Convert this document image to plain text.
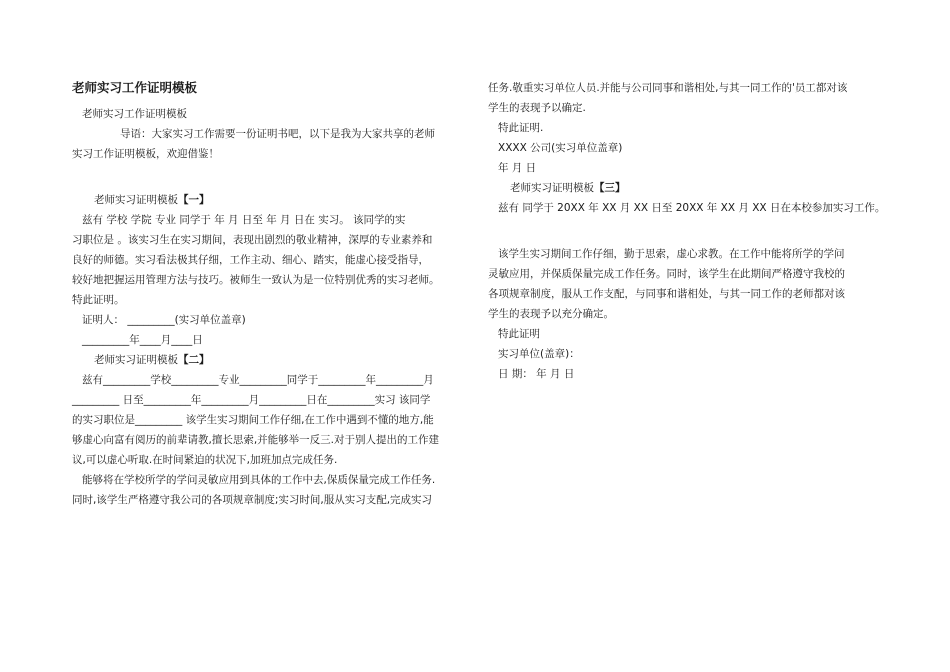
老师实习工作证明模板
老师实习工作证明模板
导语：大家实习工作需要一份证明书吧，以下是我为大家共享的老师
实习工作证明模板，欢迎借鉴！
老师实习证明模板【一】
兹有 学校 学院 专业 同学于 年 月 日至 年 月 日在 实习。 该同学的实
习职位是 。该实习生在实习期间，表现出剧烈的敬业精神，深厚的专业素养和
良好的师德。实习看法极其仔细，工作主动、细心、踏实，能虚心接受指导，
较好地把握运用管理方法与技巧。被师生一致认为是一位特别优秀的实习老师。
特此证明。
证明人： _________(实习单位盖章)
_________年____月____日
老师实习证明模板【二】
兹有_________学校_________专业_________同学于_________年_________月
_________ 日至_________年_________月_________日在_________实习 该同学
的实习职位是_________ 该学生实习期间工作仔细,在工作中遇到不懂的地方,能
够虚心向富有阅历的前辈请教,擅长思索,并能够举一反三.对于别人提出的工作建
议,可以虚心听取.在时间紧迫的状况下,加班加点完成任务.
能够将在学校所学的学问灵敏应用到具体的工作中去,保质保量完成工作任务.
同时,该学生严格遵守我公司的各项规章制度;实习时间,服从实习支配,完成实习
任务.敬重实习单位人员.并能与公司同事和谐相处,与其一同工作的'员工都对该
学生的表现予以确定.
特此证明.
XXXX 公司(实习单位盖章)
年 月 日
老师实习证明模板【三】
兹有 同学于 20XX 年 XX 月 XX 日至 20XX 年 XX 月 XX 日在本校参加实习工作。
该学生实习期间工作仔细，勤于思索，虚心求教。在工作中能将所学的学问
灵敏应用，并保质保量完成工作任务。同时，该学生在此期间严格遵守我校的
各项规章制度，服从工作支配，与同事和谐相处，与其一同工作的老师都对该
学生的表现予以充分确定。
特此证明
实习单位(盖章)：
日 期： 年 月 日
